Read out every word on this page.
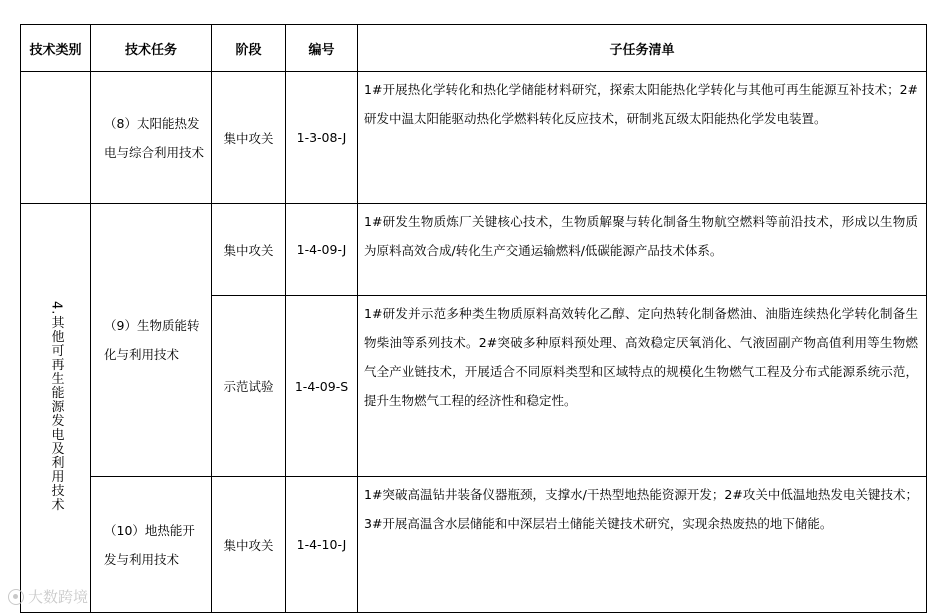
技术类别	技术任务	阶段	编号	子任务清单
	（8）太阳能热发电与综合利用技术	集中攻关	1-3-08-J	1#开展热化学转化和热化学储能材料研究，探索太阳能热化学转化与其他可再生能源互补技术；2#研发中温太阳能驱动热化学燃料转化反应技术，研制兆瓦级太阳能热化学发电装置。
4.其他可再生能源发电及利用技术	（9）生物质能转化与利用技术	集中攻关	1-4-09-J	1#研发生物质炼厂关键核心技术，生物质解聚与转化制备生物航空燃料等前沿技术，形成以生物质为原料高效合成/转化生产交通运输燃料/低碳能源产品技术体系。
		示范试验	1-4-09-S	1#研发并示范多种类生物质原料高效转化乙醇、定向热转化制备燃油、油脂连续热化学转化制备生物柴油等系列技术。2#突破多种原料预处理、高效稳定厌氧消化、气液固副产物高值利用等生物燃气全产业链技术，开展适合不同原料类型和区域特点的规模化生物燃气工程及分布式能源系统示范，提升生物燃气工程的经济性和稳定性。
	（10）地热能开发与利用技术	集中攻关	1-4-10-J	1#突破高温钻井装备仪器瓶颈，支撑水/干热型地热能资源开发；2#攻关中低温地热发电关键技术；3#开展高温含水层储能和中深层岩土储能关键技术研究，实现余热废热的地下储能。
大数跨境
